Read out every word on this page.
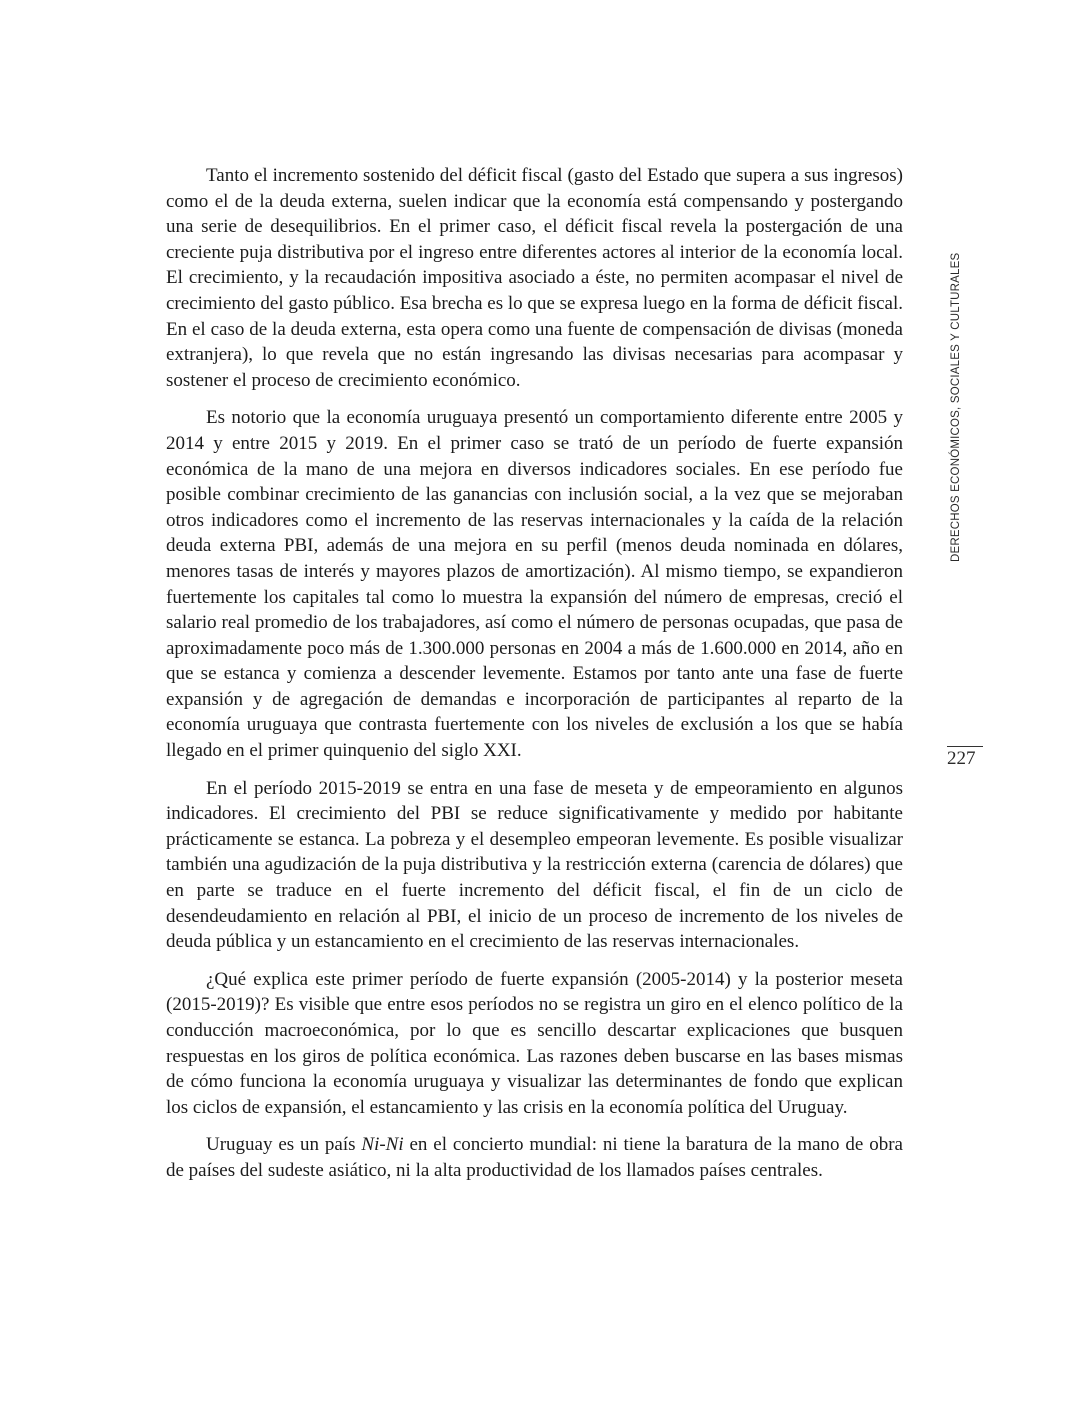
Tanto el incremento sostenido del déficit fiscal (gasto del Estado que supera a sus ingresos) como el de la deuda externa, suelen indicar que la economía está compensando y postergando una serie de desequilibrios. En el primer caso, el déficit fiscal revela la postergación de una creciente puja distributiva por el ingreso entre diferentes actores al interior de la economía local. El crecimiento, y la recaudación impositiva asociado a éste, no permiten acompasar el nivel de crecimiento del gasto público. Esa brecha es lo que se expresa luego en la forma de déficit fiscal. En el caso de la deuda externa, esta opera como una fuente de compensación de divisas (moneda extranjera), lo que revela que no están ingresando las divisas necesarias para acompasar y sostener el proceso de crecimiento económico.

Es notorio que la economía uruguaya presentó un comportamiento diferente entre 2005 y 2014 y entre 2015 y 2019. En el primer caso se trató de un período de fuerte expansión económica de la mano de una mejora en diversos indicadores sociales. En ese período fue posible combinar crecimiento de las ganancias con inclusión social, a la vez que se mejoraban otros indicadores como el incremento de las reservas internacionales y la caída de la relación deuda externa PBI, además de una mejora en su perfil (menos deuda nominada en dólares, menores tasas de interés y mayores plazos de amortización). Al mismo tiempo, se expandieron fuertemente los capitales tal como lo muestra la expansión del número de empresas, creció el salario real promedio de los trabajadores, así como el número de personas ocupadas, que pasa de aproximadamente poco más de 1.300.000 personas en 2004 a más de 1.600.000 en 2014, año en que se estanca y comienza a descender levemente. Estamos por tanto ante una fase de fuerte expansión y de agregación de demandas e incorporación de participantes al reparto de la economía uruguaya que contrasta fuertemente con los niveles de exclusión a los que se había llegado en el primer quinquenio del siglo XXI.

En el período 2015-2019 se entra en una fase de meseta y de empeoramiento en algunos indicadores. El crecimiento del PBI se reduce significativamente y medido por habitante prácticamente se estanca. La pobreza y el desempleo empeoran levemente. Es posible visualizar también una agudización de la puja distributiva y la restricción externa (carencia de dólares) que en parte se traduce en el fuerte incremento del déficit fiscal, el fin de un ciclo de desendeudamiento en relación al PBI, el inicio de un proceso de incremento de los niveles de deuda pública y un estancamiento en el crecimiento de las reservas internacionales.

¿Qué explica este primer período de fuerte expansión (2005-2014) y la posterior meseta (2015-2019)? Es visible que entre esos períodos no se registra un giro en el elenco político de la conducción macroeconómica, por lo que es sencillo descartar explicaciones que busquen respuestas en los giros de política económica. Las razones deben buscarse en las bases mismas de cómo funciona la economía uruguaya y visualizar las determinantes de fondo que explican los ciclos de expansión, el estancamiento y las crisis en la economía política del Uruguay.

Uruguay es un país Ni-Ni en el concierto mundial: ni tiene la baratura de la mano de obra de países del sudeste asiático, ni la alta productividad de los llamados países centrales.

DERECHOS ECONÓMICOS, SOCIALES Y CULTURALES
227
